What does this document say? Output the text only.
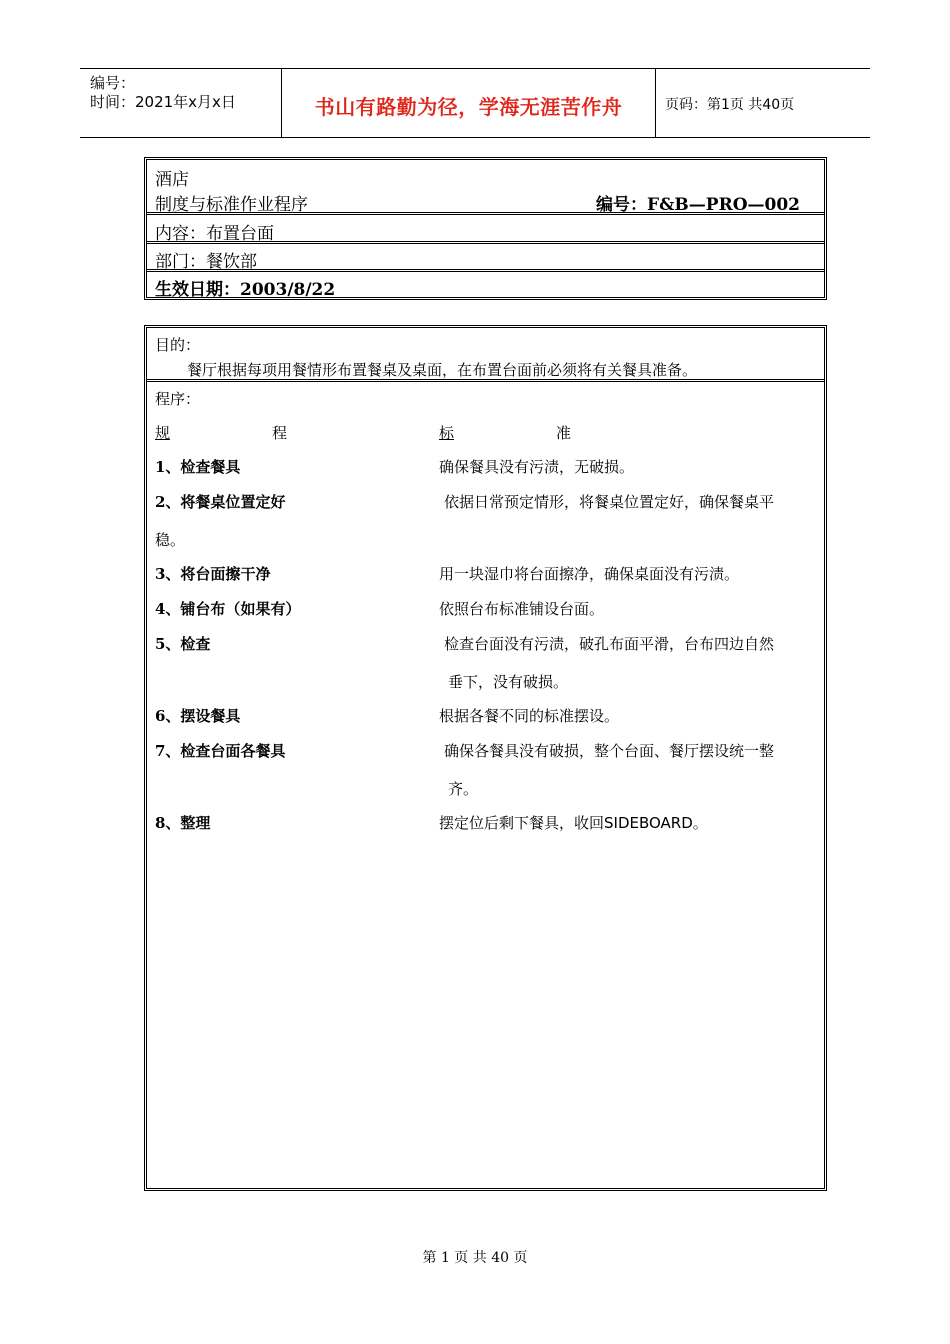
编号：
时间：2021年x月x日	书山有路勤为径，学海无涯苦作舟	页码：第1页 共40页
酒店
制度与标准作业程序	编号：F&B—PRO—002
内容：布置台面
部门：餐饮部
生效日期：2003/8/22
目的：
餐厅根据每项用餐情形布置餐桌及桌面，在布置台面前必须将有关餐具准备。
程序：
规	程	标	准
1、检查餐具	确保餐具没有污渍，无破损。
2、将餐桌位置定好	依据日常预定情形，将餐桌位置定好，确保餐桌平
稳。
3、将台面擦干净	用一块湿巾将台面擦净，确保桌面没有污渍。
4、铺台布（如果有）	依照台布标准铺设台面。
5、检查	检查台面没有污渍，破孔布面平滑，台布四边自然
垂下，没有破损。
6、摆设餐具	根据各餐不同的标准摆设。
7、检查台面各餐具	确保各餐具没有破损，整个台面、餐厅摆设统一整
齐。
8、整理	摆定位后剩下餐具，收回SIDEBOARD。
第 1 页 共 40 页
